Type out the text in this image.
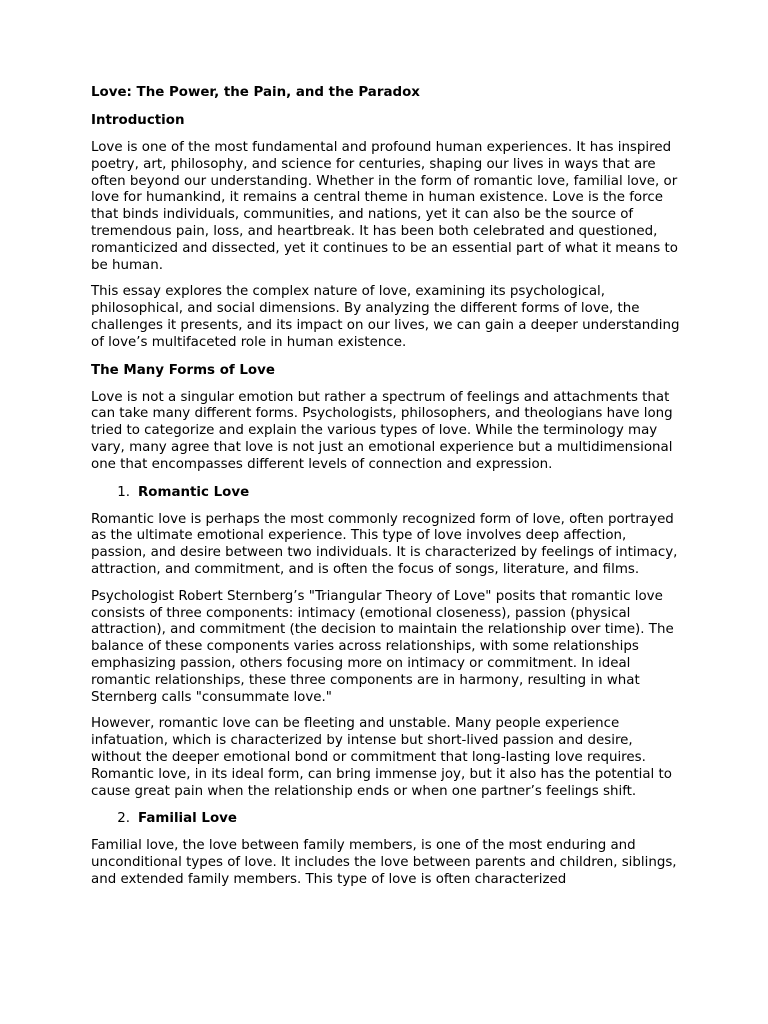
Love: The Power, the Pain, and the Paradox
Introduction

Love is one of the most fundamental and profound human experiences. It has inspired poetry, art, philosophy, and science for centuries, shaping our lives in ways that are often beyond our understanding. Whether in the form of romantic love, familial love, or love for humankind, it remains a central theme in human existence. Love is the force that binds individuals, communities, and nations, yet it can also be the source of tremendous pain, loss, and heartbreak. It has been both celebrated and questioned, romanticized and dissected, yet it continues to be an essential part of what it means to be human.

This essay explores the complex nature of love, examining its psychological, philosophical, and social dimensions. By analyzing the different forms of love, the challenges it presents, and its impact on our lives, we can gain a deeper understanding of love’s multifaceted role in human existence.

The Many Forms of Love

Love is not a singular emotion but rather a spectrum of feelings and attachments that can take many different forms. Psychologists, philosophers, and theologians have long tried to categorize and explain the various types of love. While the terminology may vary, many agree that love is not just an emotional experience but a multidimensional one that encompasses different levels of connection and expression.

1. Romantic Love

Romantic love is perhaps the most commonly recognized form of love, often portrayed as the ultimate emotional experience. This type of love involves deep affection, passion, and desire between two individuals. It is characterized by feelings of intimacy, attraction, and commitment, and is often the focus of songs, literature, and films.

Psychologist Robert Sternberg’s "Triangular Theory of Love" posits that romantic love consists of three components: intimacy (emotional closeness), passion (physical attraction), and commitment (the decision to maintain the relationship over time). The balance of these components varies across relationships, with some relationships emphasizing passion, others focusing more on intimacy or commitment. In ideal romantic relationships, these three components are in harmony, resulting in what Sternberg calls "consummate love."

However, romantic love can be fleeting and unstable. Many people experience infatuation, which is characterized by intense but short-lived passion and desire, without the deeper emotional bond or commitment that long-lasting love requires. Romantic love, in its ideal form, can bring immense joy, but it also has the potential to cause great pain when the relationship ends or when one partner’s feelings shift.

2. Familial Love

Familial love, the love between family members, is one of the most enduring and unconditional types of love. It includes the love between parents and children, siblings, and extended family members. This type of love is often characterized
